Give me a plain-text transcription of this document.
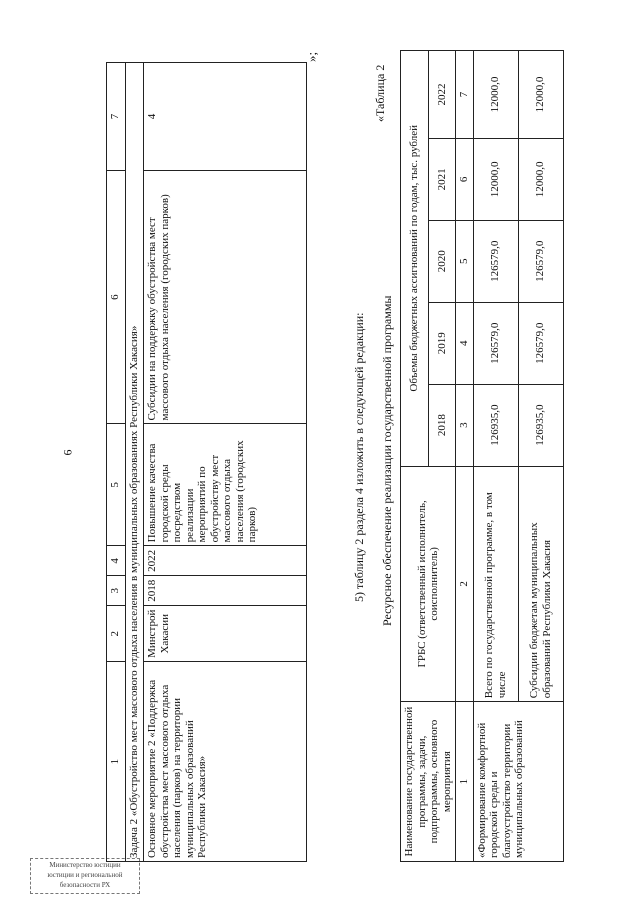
6
Министерство юстиции
юстиции и региональной
безопасности РХ
1	2	3	4	5	6	7
Задача 2 «Обустройство мест массового отдыха населения в муниципальных образованиях Республики Хакасия»						
Основное мероприятие 2 «Поддержка обустройства мест массового отдыха населения (парков) на территории муниципальных образований Республики Хакасия»	Минстрой Хакасии	2018	2022	Повышение качества городской среды посредством реализации мероприятий по обустройству мест массового отдыха населения (городских парков)	Субсидии на поддержку обустройства мест массового отдыха населения (городских парков)	4
»;
5) таблицу 2 раздела 4 изложить в следующей редакции:
«Таблица 2
Ресурсное обеспечение реализации государственной программы
Наименование государственной программы, задачи, подпрограммы, основного мероприятия	ГРБС (ответственный исполнитель, соисполнитель)	Объемы бюджетных ассигнований по годам, тыс. рублей				
		2018	2019	2020	2021	2022
1	2	3	4	5	6	7
«Формирование комфортной городской среды и благоустройство территории муниципальных образований	Всего по государственной программе, в том числе	126935,0	126579,0	126579,0	12000,0	12000,0
	Субсидии бюджетам муниципальных образований Республики Хакасия	126935,0	126579,0	126579,0	12000,0	12000,0
